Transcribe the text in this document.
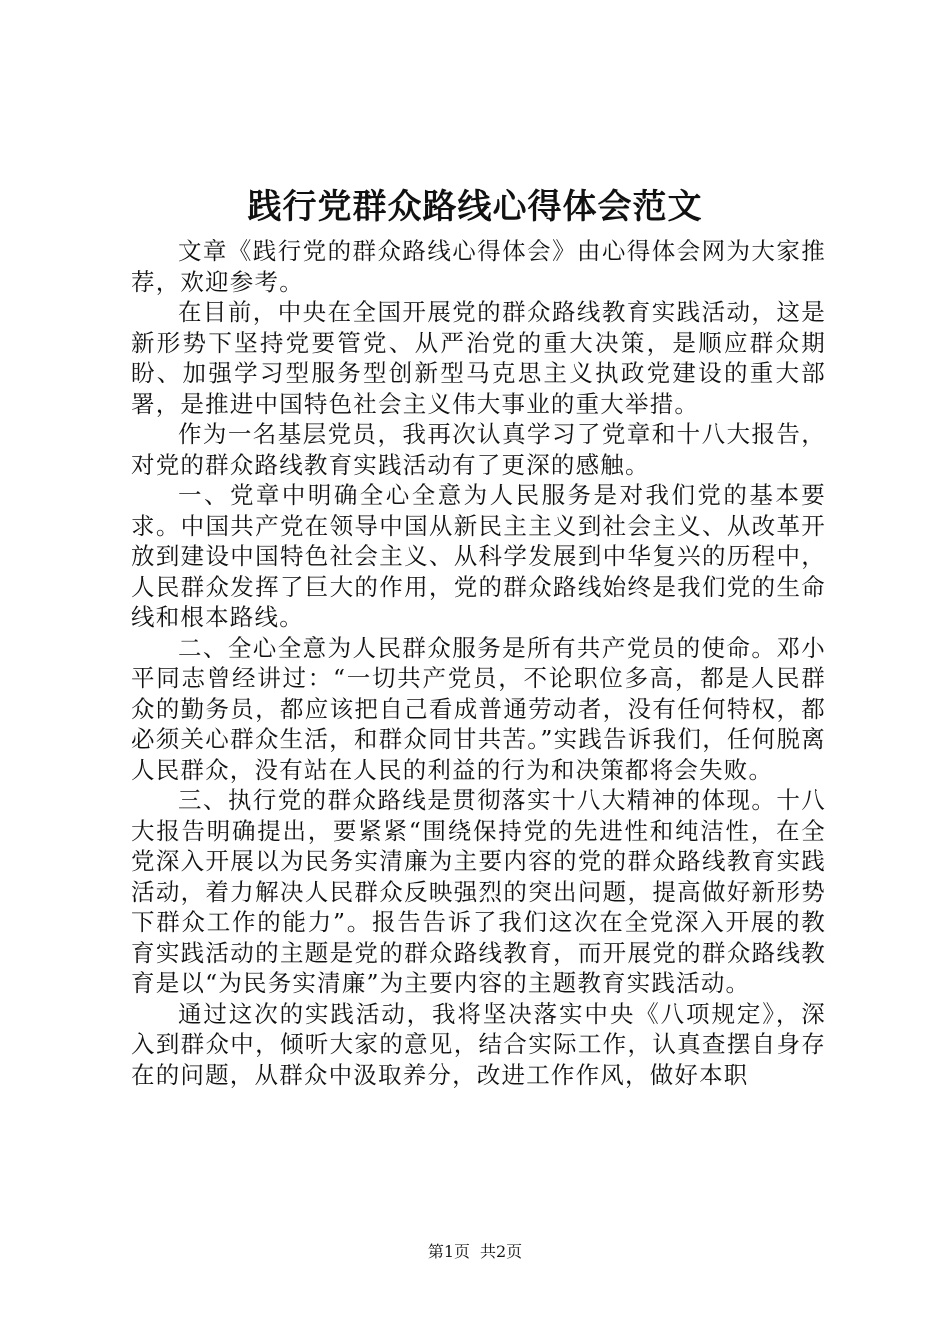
践行党群众路线心得体会范文

文章《践行党的群众路线心得体会》由心得体会网为大家推荐，欢迎参考。

在目前，中央在全国开展党的群众路线教育实践活动，这是新形势下坚持党要管党、从严治党的重大决策，是顺应群众期盼、加强学习型服务型创新型马克思主义执政党建设的重大部署，是推进中国特色社会主义伟大事业的重大举措。

作为一名基层党员，我再次认真学习了党章和十八大报告，对党的群众路线教育实践活动有了更深的感触。

一、党章中明确全心全意为人民服务是对我们党的基本要求。中国共产党在领导中国从新民主主义到社会主义、从改革开放到建设中国特色社会主义、从科学发展到中华复兴的历程中，人民群众发挥了巨大的作用，党的群众路线始终是我们党的生命线和根本路线。

二、全心全意为人民群众服务是所有共产党员的使命。邓小平同志曾经讲过：“一切共产党员，不论职位多高，都是人民群众的勤务员，都应该把自己看成普通劳动者，没有任何特权，都必须关心群众生活，和群众同甘共苦。”实践告诉我们，任何脱离人民群众，没有站在人民的利益的行为和决策都将会失败。

三、执行党的群众路线是贯彻落实十八大精神的体现。十八大报告明确提出，要紧紧“围绕保持党的先进性和纯洁性，在全党深入开展以为民务实清廉为主要内容的党的群众路线教育实践活动，着力解决人民群众反映强烈的突出问题，提高做好新形势下群众工作的能力”。报告告诉了我们这次在全党深入开展的教育实践活动的主题是党的群众路线教育，而开展党的群众路线教育是以“为民务实清廉”为主要内容的主题教育实践活动。

通过这次的实践活动，我将坚决落实中央《八项规定》，深入到群众中，倾听大家的意见，结合实际工作，认真查摆自身存在的问题，从群众中汲取养分，改进工作作风，做好本职

第1页 共2页
